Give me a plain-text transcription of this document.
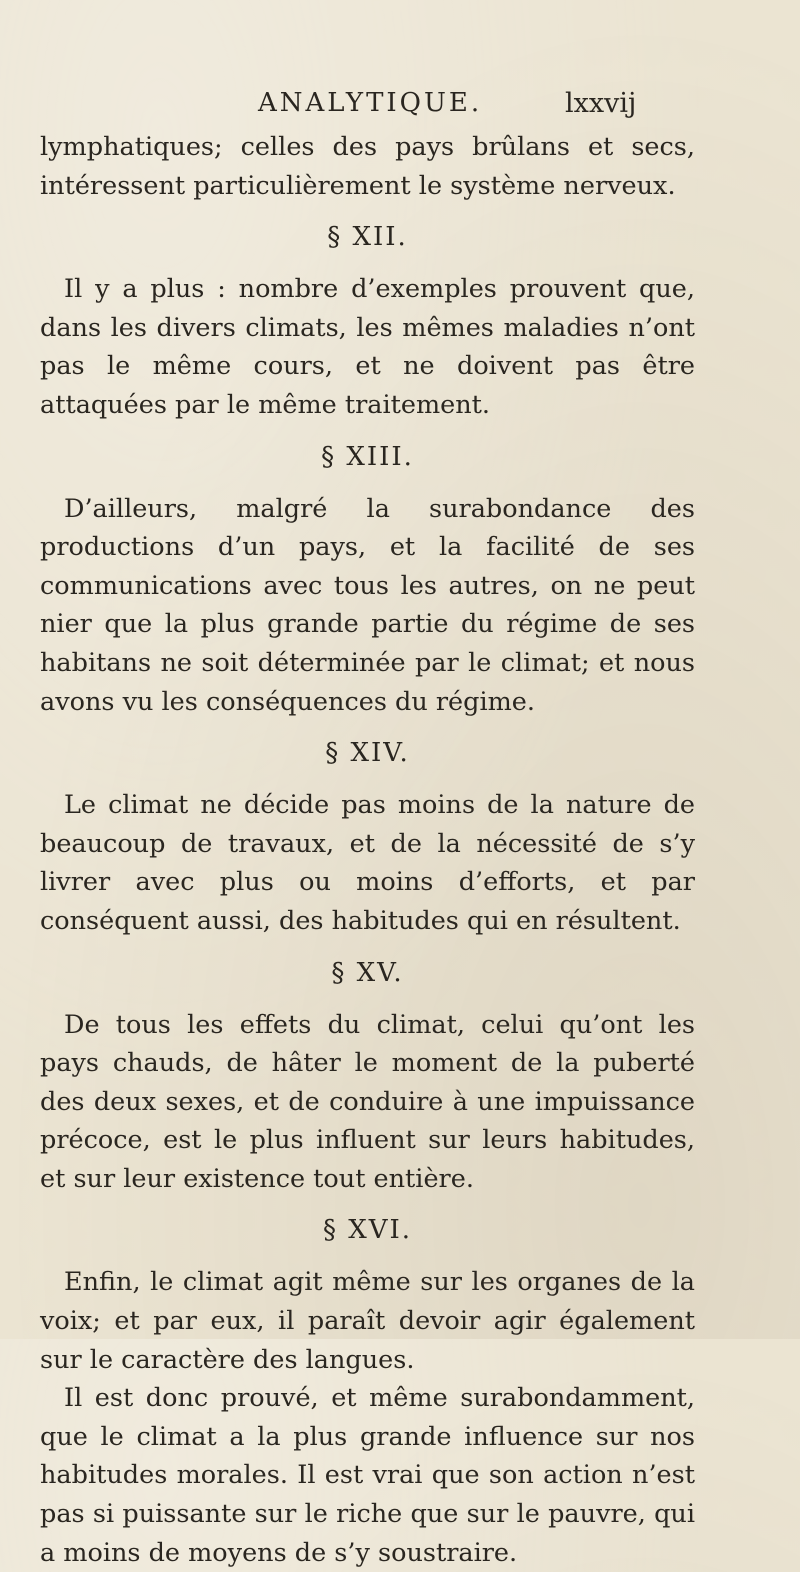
ANALYTIQUE.	lxxvij

lymphatiques; celles des pays brûlans et secs, intéressent particulièrement le système nerveux.

§ XII.

Il y a plus : nombre d’exemples prouvent que, dans les divers climats, les mêmes maladies n’ont pas le même cours, et ne doivent pas être attaquées par le même traitement.

§ XIII.

D’ailleurs, malgré la surabondance des productions d’un pays, et la facilité de ses communications avec tous les autres, on ne peut nier que la plus grande partie du régime de ses habitans ne soit déterminée par le climat; et nous avons vu les conséquences du régime.

§ XIV.

Le climat ne décide pas moins de la nature de beaucoup de travaux, et de la nécessité de s’y livrer avec plus ou moins d’efforts, et par conséquent aussi, des habitudes qui en résultent.

§ XV.

De tous les effets du climat, celui qu’ont les pays chauds, de hâter le moment de la puberté des deux sexes, et de conduire à une impuissance précoce, est le plus influent sur leurs habitudes, et sur leur existence tout entière.

§ XVI.

Enfin, le climat agit même sur les organes de la voix; et par eux, il paraît devoir agir également sur le caractère des langues.

Il est donc prouvé, et même surabondamment, que le climat a la plus grande influence sur nos habitudes morales. Il est vrai que son action n’est pas si puissante sur le riche que sur le pauvre, qui a moins de moyens de s’y soustraire.
